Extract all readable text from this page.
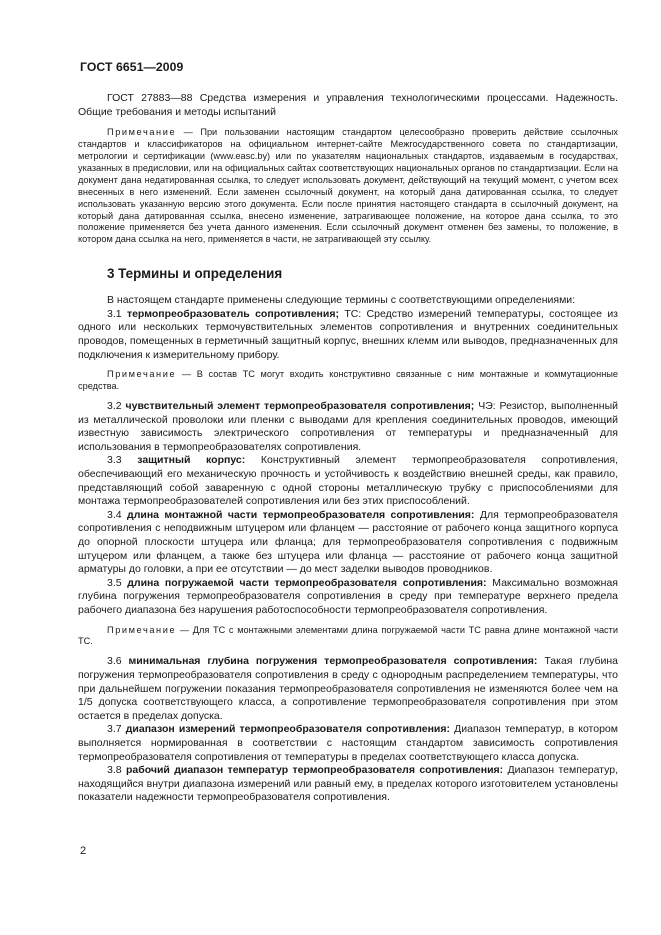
ГОСТ 6651—2009

ГОСТ 27883—88 Средства измерения и управления технологическими процессами. Надежность. Общие требования и методы испытаний

Примечание — При пользовании настоящим стандартом целесообразно проверить действие ссылочных стандартов и классификаторов на официальном интернет-сайте Межгосударственного совета по стандартизации, метрологии и сертификации (www.easc.by) или по указателям национальных стандартов, издаваемым в государствах, указанных в предисловии, или на официальных сайтах соответствующих национальных органов по стандартизации. Если на документ дана недатированная ссылка, то следует использовать документ, действующий на текущий момент, с учетом всех внесенных в него изменений. Если заменен ссылочный документ, на который дана датированная ссылка, то следует использовать указанную версию этого документа. Если после принятия настоящего стандарта в ссылочный документ, на который дана датированная ссылка, внесено изменение, затрагивающее положение, на которое дана ссылка, то это положение применяется без учета данного изменения. Если ссылочный документ отменен без замены, то положение, в котором дана ссылка на него, применяется в части, не затрагивающей эту ссылку.

3 Термины и определения

В настоящем стандарте применены следующие термины с соответствующими определениями:

3.1 термопреобразователь сопротивления; ТС: Средство измерений температуры, состоящее из одного или нескольких термочувствительных элементов сопротивления и внутренних соединительных проводов, помещенных в герметичный защитный корпус, внешних клемм или выводов, предназначенных для подключения к измерительному прибору.

Примечание — В состав ТС могут входить конструктивно связанные с ним монтажные и коммутационные средства.

3.2 чувствительный элемент термопреобразователя сопротивления; ЧЭ: Резистор, выполненный из металлической проволоки или пленки с выводами для крепления соединительных проводов, имеющий известную зависимость электрического сопротивления от температуры и предназначенный для использования в термопреобразователях сопротивления.

3.3 защитный корпус: Конструктивный элемент термопреобразователя сопротивления, обеспечивающий его механическую прочность и устойчивость к воздействию внешней среды, как правило, представляющий собой заваренную с одной стороны металлическую трубку с приспособлениями для монтажа термопреобразователей сопротивления или без этих приспособлений.

3.4 длина монтажной части термопреобразователя сопротивления: Для термопреобразователя сопротивления с неподвижным штуцером или фланцем — расстояние от рабочего конца защитного корпуса до опорной плоскости штуцера или фланца; для термопреобразователя сопротивления с подвижным штуцером или фланцем, а также без штуцера или фланца — расстояние от рабочего конца защитной арматуры до головки, а при ее отсутствии — до мест заделки выводов проводников.

3.5 длина погружаемой части термопреобразователя сопротивления: Максимально возможная глубина погружения термопреобразователя сопротивления в среду при температуре верхнего предела рабочего диапазона без нарушения работоспособности термопреобразователя сопротивления.

Примечание — Для ТС с монтажными элементами длина погружаемой части ТС равна длине монтажной части ТС.

3.6 минимальная глубина погружения термопреобразователя сопротивления: Такая глубина погружения термопреобразователя сопротивления в среду с однородным распределением температуры, что при дальнейшем погружении показания термопреобразователя сопротивления не изменяются более чем на 1/5 допуска соответствующего класса, а сопротивление термопреобразователя сопротивления при этом остается в пределах допуска.

3.7 диапазон измерений термопреобразователя сопротивления: Диапазон температур, в котором выполняется нормированная в соответствии с настоящим стандартом зависимость сопротивления термопреобразователя сопротивления от температуры в пределах соответствующего класса допуска.

3.8 рабочий диапазон температур термопреобразователя сопротивления: Диапазон температур, находящийся внутри диапазона измерений или равный ему, в пределах которого изготовителем установлены показатели надежности термопреобразователя сопротивления.

2
